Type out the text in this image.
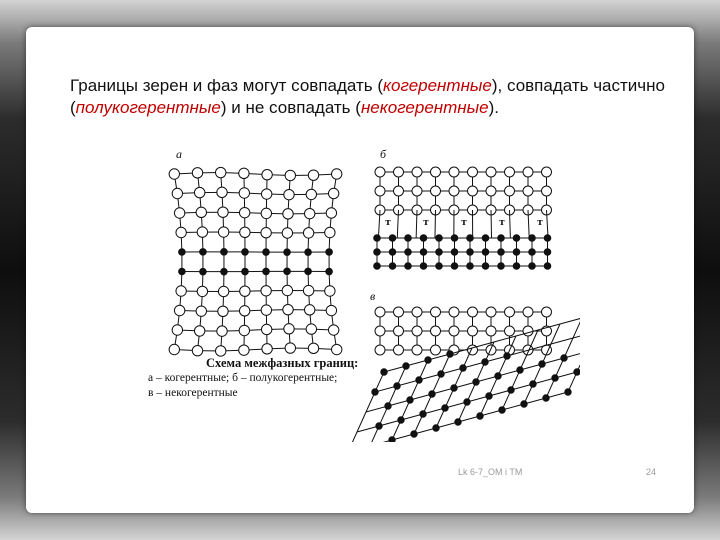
Границы зерен и фаз могут совпадать (когерентные), совпадать частично (полукогерентные) и не совпадать (некогерентные).

т	т	т	т	т
а	б
в
Схема межфазных границ:
а – когерентные; б – полукогерентные;
в – некогерентные
Lk 6-7_OM i TM	24
